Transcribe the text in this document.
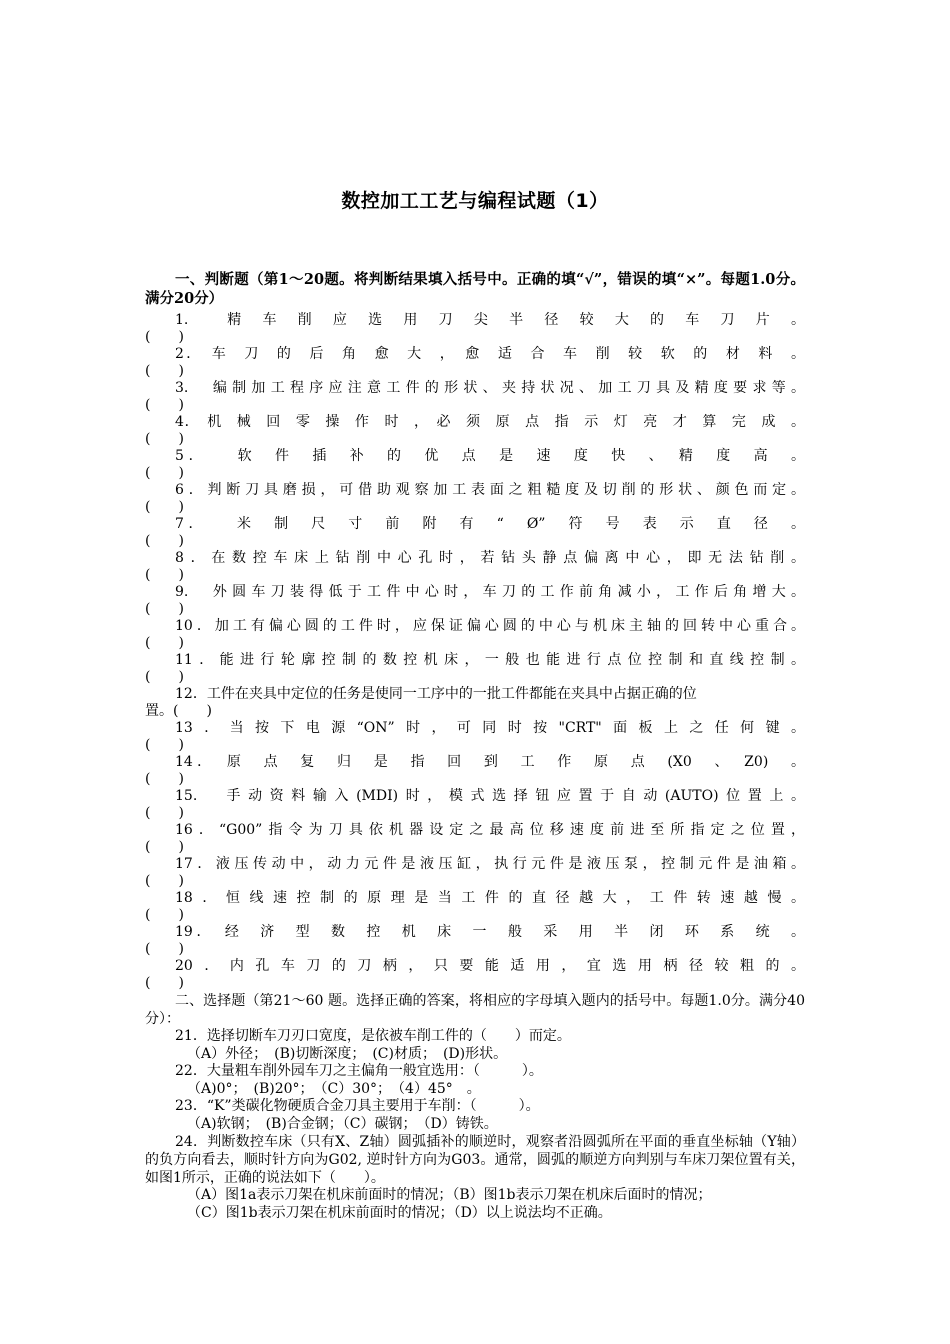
数控加工工艺与编程试题（1）

一、判断题（第1～20题。将判断结果填入括号中。正确的填“√”，错误的填“×”。每题1.0分。满分20分）

1.　　精　车　削　应　选　用　刀　尖　半　径　较　大　的　车　刀　片　。
(　　)
2．　车　刀　的　后　角　愈　大　，　愈　适　合　车　削　较　软　的　材　料　。
(　　)
3.　编制加工程序应注意工件的形状、夹持状况、加工刀具及精度要求等。
(　　)
4．　机　械　回　零　操　作　时　，　必　须　原　点　指　示　灯　亮　才　算　完　成　。
(　　)
5．　　软　件　插　补　的　优　点　是　速　度　快　、　精　度　高　。
(　　)
6．判断刀具磨损，可借助观察加工表面之粗糙度及切削的形状、颜色而定。
(　　)
7．　　米　制　尺　寸　前　附　有　“　Ø”　符　号　表　示　直　径　。
(　　)
8．在数控车床上钻削中心孔时，若钻头静点偏离中心，即无法钻削。
(　　)
9.　外圆车刀装得低于工件中心时，车刀的工作前角减小，工作后角增大。
(　　)
10．加工有偏心圆的工件时，应保证偏心圆的中心与机床主轴的回转中心重合。
(　　)
11．能进行轮廓控制的数控机床，一般也能进行点位控制和直线控制。
(　　)
12．工件在夹具中定位的任务是使同一工序中的一批工件都能在夹具中占据正确的位
置。(　　)
13．当按下电源“ON”时，可同时按"CRT"面板上之任何键。
(　　)
14．　原　点　复　归　是　指　回　到　工　作　原　点　(X0　、　Z0)　。
(　　)
15.　手动资料输入(MDI)时，模式选择钮应置于自动(AUTO)位置上。
(　　)
16．“G00”指令为刀具依机器设定之最高位移速度前进至所指定之位置，
(　　)
17．液压传动中，动力元件是液压缸，执行元件是液压泵，控制元件是油箱。
(　　)
18．恒线速控制的原理是当工件的直径越大，工件转速越慢。
(　　)
19．　经　济　型　数　控　机　床　一　般　采　用　半　闭　环　系　统　。
(　　)
20．内孔车刀的刀柄，只要能适用，宜选用柄径较粗的。
(　　)

二、选择题（第21～60 题。选择正确的答案，将相应的字母填入题内的括号中。每题1.0分。满分40分）：

21．选择切断车刀刃口宽度，是依被车削工件的（　　）而定。
（A）外径；　(B)切断深度；　(C)材质；　(D)形状。
22．大量粗车削外园车刀之主偏角一般宜选用：（　　　）。
（A)0°；　(B)20°；　（C）30°；　（4）45°　。
23．“K”类碳化物硬质合金刀具主要用于车削：（　　　）。
（A)软钢；　(B)合金钢；（C）碳钢；　（D）铸铁。

24．判断数控车床（只有X、Z轴）圆弧插补的顺逆时，观察者沿圆弧所在平面的垂直坐标轴（Y轴）的负方向看去，顺时针方向为G02, 逆时针方向为G03。通常，圆弧的顺逆方向判别与车床刀架位置有关，如图1所示，正确的说法如下（　　）。

（A）图1a表示刀架在机床前面时的情况；（B）图1b表示刀架在机床后面时的情况；
（C）图1b表示刀架在机床前面时的情况；（D）以上说法均不正确。
